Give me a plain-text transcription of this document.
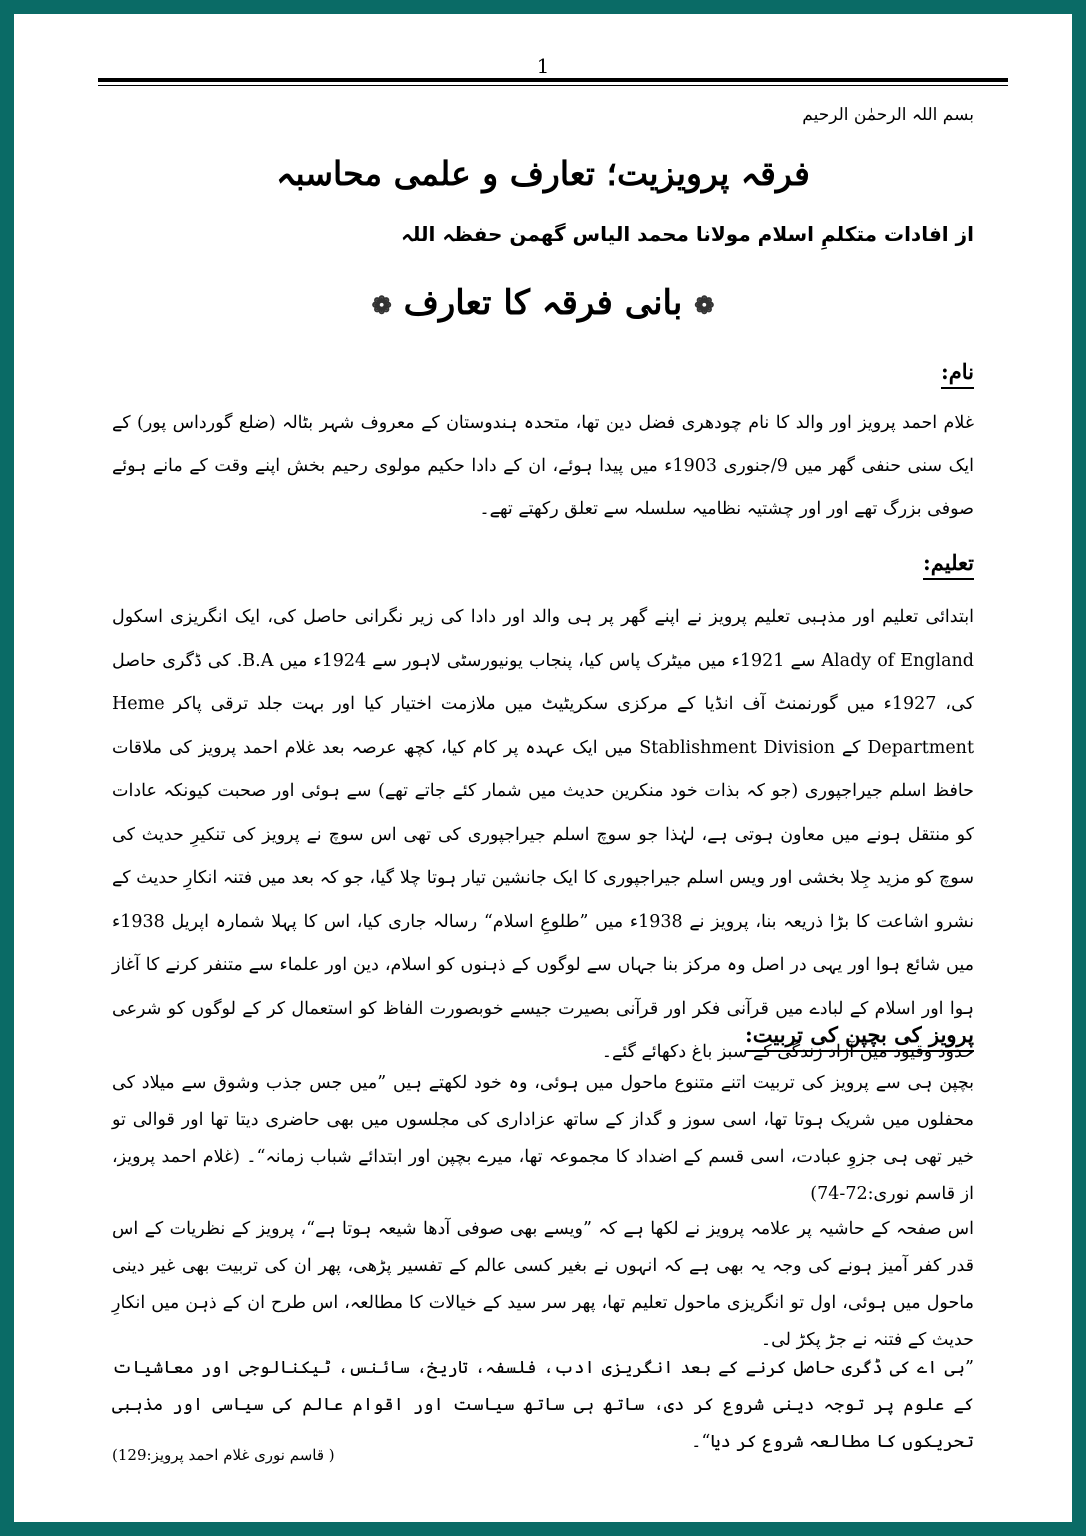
1
بسم اللہ الرحمٰن الرحیم
فرقہ پرویزیت؛ تعارف و علمی محاسبہ
از افادات متکلمِ اسلام مولانا محمد الیاس گھمن حفظہ اللہ
❁ بانی فرقہ کا تعارف ❁
نام:
غلام احمد پرویز اور والد کا نام چودھری فضل دین تھا، متحدہ ہندوستان کے معروف شہر بٹالہ (ضلع گورداس پور) کے ایک سنی حنفی گھر میں 9/جنوری 1903ء میں پیدا ہوئے، ان کے دادا حکیم مولوی رحیم بخش اپنے وقت کے مانے ہوئے صوفی بزرگ تھے اور اور چشتیہ نظامیہ سلسلہ سے تعلق رکھتے تھے۔
تعلیم:
ابتدائی تعلیم اور مذہبی تعلیم پرویز نے اپنے گھر پر ہی والد اور دادا کی زیر نگرانی حاصل کی، ایک انگریزی اسکول Alady of England سے 1921ء میں میٹرک پاس کیا، پنجاب یونیورسٹی لاہور سے 1924ء میں B.A. کی ڈگری حاصل کی، 1927ء میں گورنمنٹ آف انڈیا کے مرکزی سکریٹیٹ میں ملازمت اختیار کیا اور بہت جلد ترقی پاکر Heme Department کے Stablishment Division میں ایک عہدہ پر کام کیا، کچھ عرصہ بعد غلام احمد پرویز کی ملاقات حافظ اسلم جیراجپوری (جو کہ بذات خود منکرین حدیث میں شمار کئے جاتے تھے) سے ہوئی اور صحبت کیونکہ عادات کو منتقل ہونے میں معاون ہوتی ہے، لہٰذا جو سوچ اسلم جیراجپوری کی تھی اس سوچ نے پرویز کی تنکیرِ حدیث کی سوچ کو مزید جِلا بخشی اور ویس اسلم جیراجپوری کا ایک جانشین تیار ہوتا چلا گیا، جو کہ بعد میں فتنہ انکارِ حدیث کے نشرو اشاعت کا بڑا ذریعہ بنا، پرویز نے 1938ء میں ”طلوعِ اسلام“ رسالہ جاری کیا، اس کا پہلا شمارہ اپریل 1938ء میں شائع ہوا اور یہی در اصل وہ مرکز بنا جہاں سے لوگوں کے ذہنوں کو اسلام، دین اور علماء سے متنفر کرنے کا آغاز ہوا اور اسلام کے لبادے میں قرآنی فکر اور قرآنی بصیرت جیسے خوبصورت الفاظ کو استعمال کر کے لوگوں کو شرعی حدود وقیود میں آزاد زندگی کے سبز باغ دکھائے گئے۔
پرویز کی بچپن کی تربیت:
بچپن ہی سے پرویز کی تربیت اتنے متنوع ماحول میں ہوئی، وہ خود لکھتے ہیں ”میں جس جذب وشوق سے میلاد کی محفلوں میں شریک ہوتا تھا، اسی سوز و گداز کے ساتھ عزاداری کی مجلسوں میں بھی حاضری دیتا تھا اور قوالی تو خیر تھی ہی جزوِ عبادت، اسی قسم کے اضداد کا مجموعہ تھا، میرے بچپن اور ابتدائے شباب زمانہ“۔ (غلام احمد پرویز، از قاسم نوری:72-74)
اس صفحہ کے حاشیہ پر علامہ پرویز نے لکھا ہے کہ ”ویسے بھی صوفی آدھا شیعہ ہوتا ہے“، پرویز کے نظریات کے اس قدر کفر آمیز ہونے کی وجہ یہ بھی ہے کہ انہوں نے بغیر کسی عالم کے تفسیر پڑھی، پھر ان کی تربیت بھی غیر دینی ماحول میں ہوئی، اول تو انگریزی ماحول تعلیم تھا، پھر سر سید کے خیالات کا مطالعہ، اس طرح ان کے ذہن میں انکارِ حدیث کے فتنہ نے جڑ پکڑ لی۔
”بی اے کی ڈگری حاصل کرنے کے بعد انگریزی ادب، فلسفہ، تاریخ، سائنس، ٹیکنالوجی اور معاشیات کے علوم پر توجہ دینی شروع کر دی، ساتھ ہی ساتھ سیاست اور اقوام عالم کی سیاسی اور مذہبی تحریکوں کا مطالعہ شروع کر دیا“۔
( قاسم نوری غلام احمد پرویز:129)
